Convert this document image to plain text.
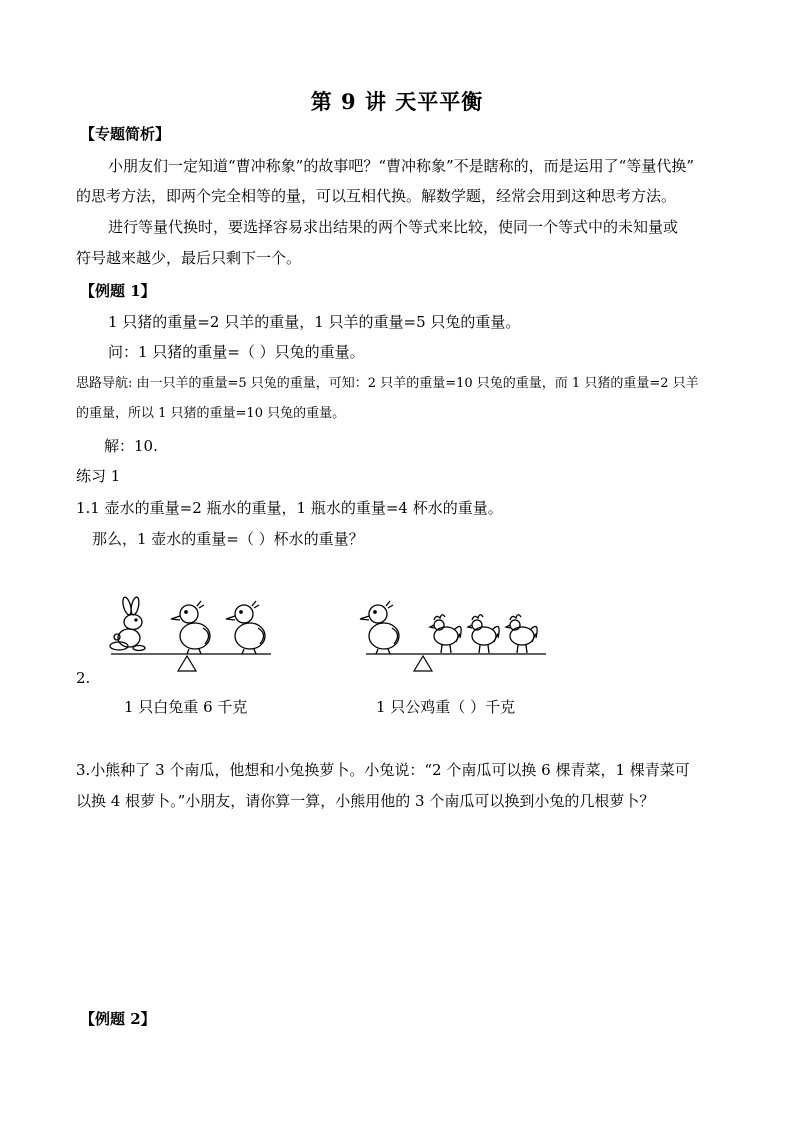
第 9 讲 天平平衡
【专题简析】
小朋友们一定知道“曹冲称象”的故事吧？“曹冲称象”不是瞎称的，而是运用了“等量代换”
的思考方法，即两个完全相等的量，可以互相代换。解数学题，经常会用到这种思考方法。
进行等量代换时，要选择容易求出结果的两个等式来比较，使同一个等式中的未知量或
符号越来越少，最后只剩下一个。
【例题 1】
1 只猪的重量=2 只羊的重量，1 只羊的重量=5 只兔的重量。
问：1 只猪的重量=（ ）只兔的重量。
思路导航: 由一只羊的重量=5 只兔的重量，可知：2 只羊的重量=10 只兔的重量，而 1 只猪的重量=2 只羊
的重量，所以 1 只猪的重量=10 只兔的重量。
解：10.
练习 1
1.1 壶水的重量=2 瓶水的重量，1 瓶水的重量=4 杯水的重量。
那么，1 壶水的重量=（ ）杯水的重量？
2.
1 只白兔重 6 千克	1 只公鸡重（ ）千克
3.小熊种了 3 个南瓜，他想和小兔换萝卜。小兔说：“2 个南瓜可以换 6 棵青菜，1 棵青菜可
以换 4 根萝卜。”小朋友，请你算一算，小熊用他的 3 个南瓜可以换到小兔的几根萝卜？
【例题 2】
